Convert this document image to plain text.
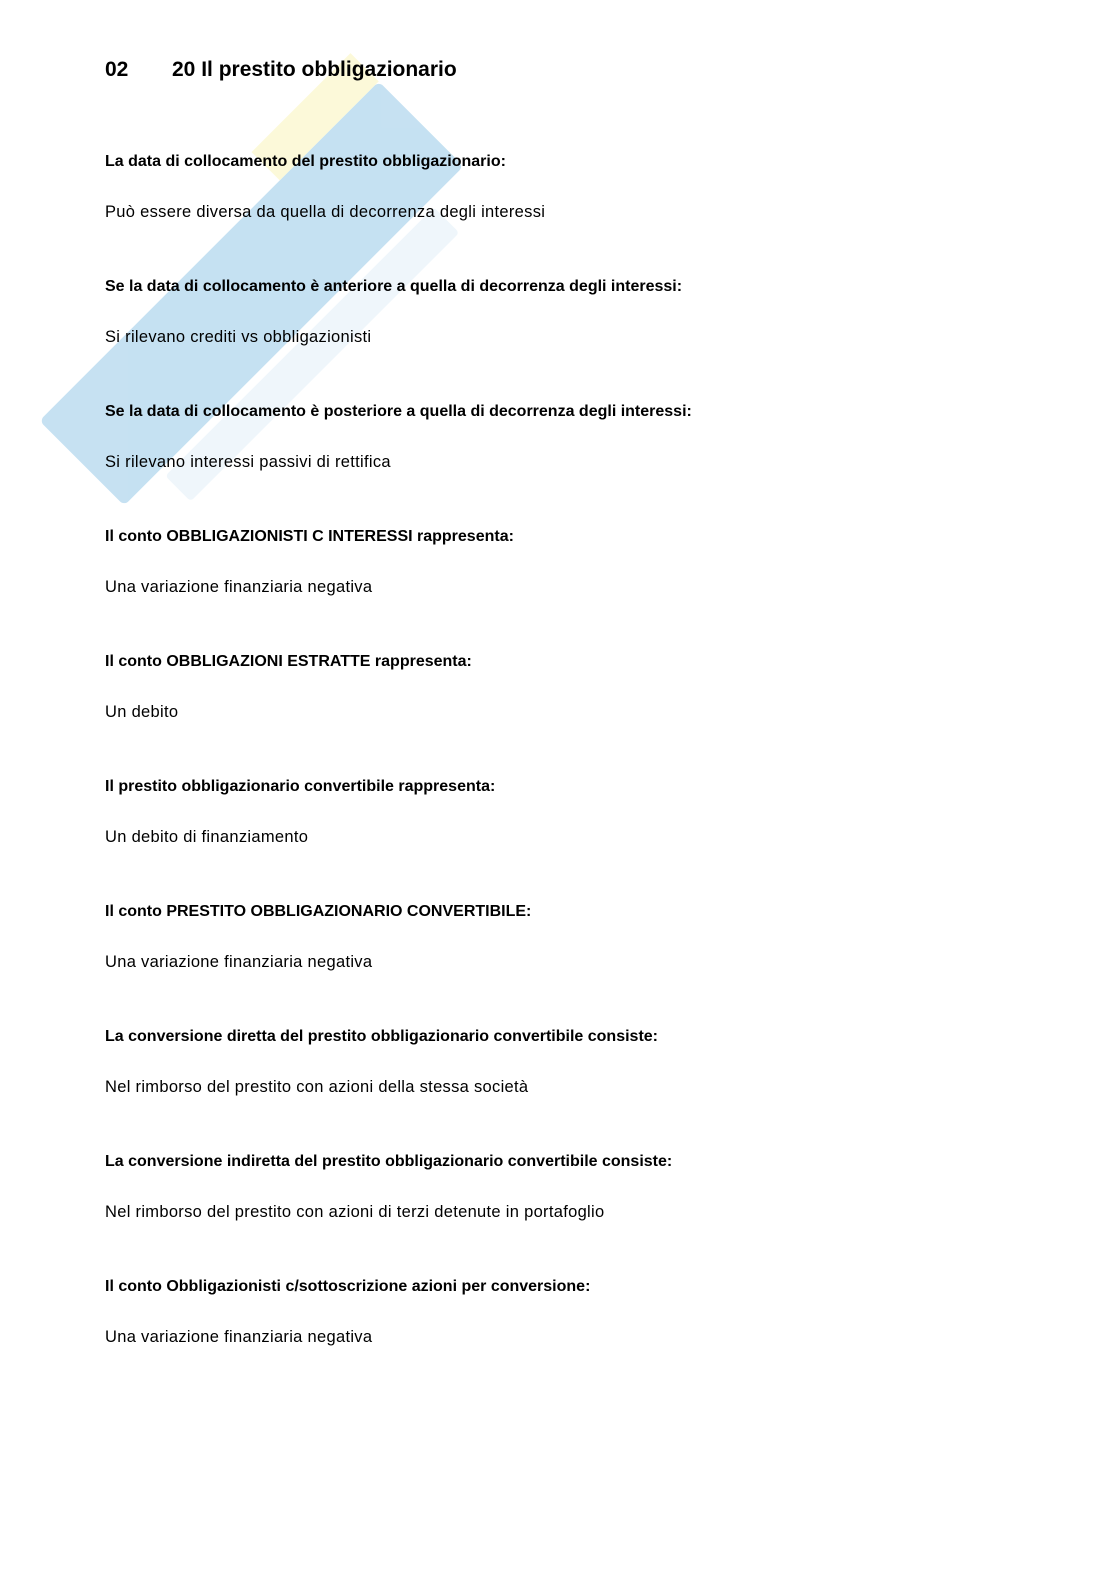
02 20 Il prestito obbligazionario
La data di collocamento del prestito obbligazionario:
Può essere diversa da quella di decorrenza degli interessi
Se la data di collocamento è anteriore a quella di decorrenza degli interessi:
Si rilevano crediti vs obbligazionisti
Se la data di collocamento è posteriore a quella di decorrenza degli interessi:
Si rilevano interessi passivi di rettifica
Il conto OBBLIGAZIONISTI C INTERESSI rappresenta:
Una variazione finanziaria negativa
Il conto OBBLIGAZIONI ESTRATTE rappresenta:
Un debito
Il prestito obbligazionario convertibile rappresenta:
Un debito di finanziamento
Il conto PRESTITO OBBLIGAZIONARIO CONVERTIBILE:
Una variazione finanziaria negativa
La conversione diretta del prestito obbligazionario convertibile consiste:
Nel rimborso del prestito con azioni della stessa società
La conversione indiretta del prestito obbligazionario convertibile consiste:
Nel rimborso del prestito con azioni di terzi detenute in portafoglio
Il conto Obbligazionisti c/sottoscrizione azioni per conversione:
Una variazione finanziaria negativa
